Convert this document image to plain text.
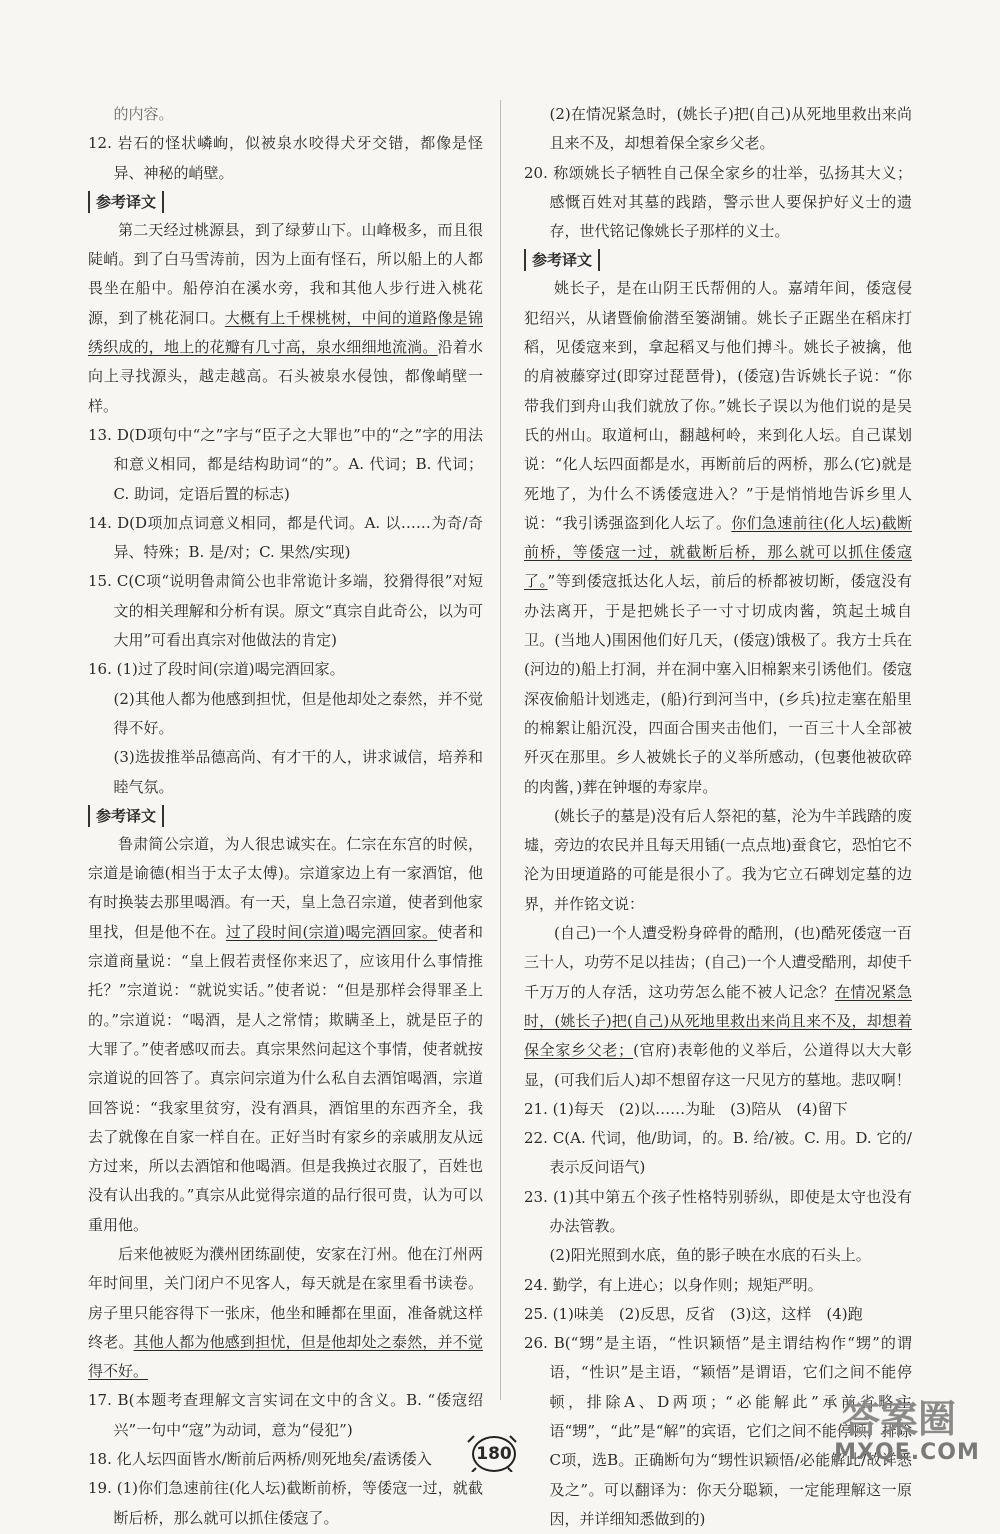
的内容。

12. 岩石的怪状嶙峋，似被泉水咬得犬牙交错，都像是怪异、神秘的峭壁。

参考译文

第二天经过桃源县，到了绿萝山下。山峰极多，而且很陡峭。到了白马雪涛前，因为上面有怪石，所以船上的人都畏坐在船中。船停泊在溪水旁，我和其他人步行进入桃花源，到了桃花洞口。大概有上千棵桃树，中间的道路像是锦绣织成的，地上的花瓣有几寸高，泉水细细地流淌。沿着水向上寻找源头，越走越高。石头被泉水侵蚀，都像峭壁一样。

13. D(D项句中“之”字与“臣子之大罪也”中的“之”字的用法和意义相同，都是结构助词“的”。A. 代词；B. 代词；C. 助词，定语后置的标志)

14. D(D项加点词意义相同，都是代词。A. 以……为奇/奇异、特殊；B. 是/对；C. 果然/实现)

15. C(C项“说明鲁肃简公也非常诡计多端，狡猾得很”对短文的相关理解和分析有误。原文“真宗自此奇公，以为可大用”可看出真宗对他做法的肯定)

16. (1)过了段时间(宗道)喝完酒回家。

(2)其他人都为他感到担忧，但是他却处之泰然，并不觉得不好。

(3)选拔推举品德高尚、有才干的人，讲求诚信，培养和睦气氛。

参考译文

鲁肃简公宗道，为人很忠诚实在。仁宗在东宫的时候，宗道是谕德(相当于太子太傅)。宗道家边上有一家酒馆，他有时换装去那里喝酒。有一天，皇上急召宗道，使者到他家里找，但是他不在。过了段时间(宗道)喝完酒回家。使者和宗道商量说：“皇上假若责怪你来迟了，应该用什么事情推托？”宗道说：“就说实话。”使者说：“但是那样会得罪圣上的。”宗道说：“喝酒，是人之常情；欺瞒圣上，就是臣子的大罪了。”使者感叹而去。真宗果然问起这个事情，使者就按宗道说的回答了。真宗问宗道为什么私自去酒馆喝酒，宗道回答说：“我家里贫穷，没有酒具，酒馆里的东西齐全，我去了就像在自家一样自在。正好当时有家乡的亲戚朋友从远方过来，所以去酒馆和他喝酒。但是我换过衣服了，百姓也没有认出我的。”真宗从此觉得宗道的品行很可贵，认为可以重用他。

后来他被贬为濮州团练副使，安家在汀州。他在汀州两年时间里，关门闭户不见客人，每天就是在家里看书读卷。房子里只能容得下一张床，他坐和睡都在里面，准备就这样终老。其他人都为他感到担忧，但是他却处之泰然，并不觉得不好。

17. B(本题考查理解文言实词在文中的含义。B. “倭寇绍兴”一句中“寇”为动词，意为“侵犯”)

18. 化人坛四面皆水/断前后两桥/则死地矣/盍诱倭入

19. (1)你们急速前往(化人坛)截断前桥，等倭寇一过，就截断后桥，那么就可以抓住倭寇了。

(2)在情况紧急时，(姚长子)把(自己)从死地里救出来尚且来不及，却想着保全家乡父老。

20. 称颂姚长子牺牲自己保全家乡的壮举，弘扬其大义；感慨百姓对其墓的践踏，警示世人要保护好义士的遗存，世代铭记像姚长子那样的义士。

参考译文

姚长子，是在山阴王氏帮佣的人。嘉靖年间，倭寇侵犯绍兴，从诸暨偷偷潜至篓湖铺。姚长子正踞坐在稻床打稻，见倭寇来到，拿起稻叉与他们搏斗。姚长子被擒，他的肩被藤穿过(即穿过琵琶骨)，(倭寇)告诉姚长子说：“你带我们到舟山我们就放了你。”姚长子误以为他们说的是吴氏的州山。取道柯山，翻越柯岭，来到化人坛。自己谋划说：“化人坛四面都是水，再断前后的两桥，那么(它)就是死地了，为什么不诱倭寇进入？”于是悄悄地告诉乡里人说：“我引诱强盗到化人坛了。你们急速前往(化人坛)截断前桥，等倭寇一过，就截断后桥，那么就可以抓住倭寇了。”等到倭寇抵达化人坛，前后的桥都被切断，倭寇没有办法离开，于是把姚长子一寸寸切成肉酱，筑起土城自卫。(当地人)围困他们好几天，(倭寇)饿极了。我方士兵在(河边的)船上打洞，并在洞中塞入旧棉絮来引诱他们。倭寇深夜偷船计划逃走，(船)行到河当中，(乡兵)拉走塞在船里的棉絮让船沉没，四面合围夹击他们，一百三十人全部被歼灭在那里。乡人被姚长子的义举所感动，(包裹他被砍碎的肉酱，)葬在钟堰的寿家岸。

(姚长子的墓是)没有后人祭祀的墓，沦为牛羊践踏的废墟，旁边的农民并且每天用锸(一点点地)蚕食它，恐怕它不沦为田埂道路的可能是很小了。我为它立石碑划定墓的边界，并作铭文说：

(自己)一个人遭受粉身碎骨的酷刑，(也)酷死倭寇一百三十人，功劳不足以挂齿；(自己)一个人遭受酷刑，却使千千万万的人存活，这功劳怎么能不被人记念？在情况紧急时，(姚长子)把(自己)从死地里救出来尚且来不及，却想着保全家乡父老；(官府)表彰他的义举后，公道得以大大彰显，(可我们后人)却不想留存这一尺见方的墓地。悲叹啊！

21. (1)每天　(2)以……为耻　(3)陪从　(4)留下

22. C(A. 代词，他/助词，的。B. 给/被。C. 用。D. 它的/表示反问语气)

23. (1)其中第五个孩子性格特别骄纵，即使是太守也没有办法管教。

(2)阳光照到水底，鱼的影子映在水底的石头上。

24. 勤学，有上进心；以身作则；规矩严明。

25. (1)味美　(2)反思，反省　(3)这，这样　(4)跑

26. B(“甥”是主语，“性识颖悟”是主谓结构作“甥”的谓语，“性识”是主语，“颖悟”是谓语，它们之间不能停顿，排除A、D两项；“必能解此”承前省略主语“甥”，“此”是“解”的宾语，它们之间不能停顿，排除C项，选B。正确断句为“甥性识颖悟/必能解此/故详悉及之”。可以翻译为：你天分聪颖，一定能理解这一原因，并详细知悉做到的)

180
答案圈
MXQE.COM
